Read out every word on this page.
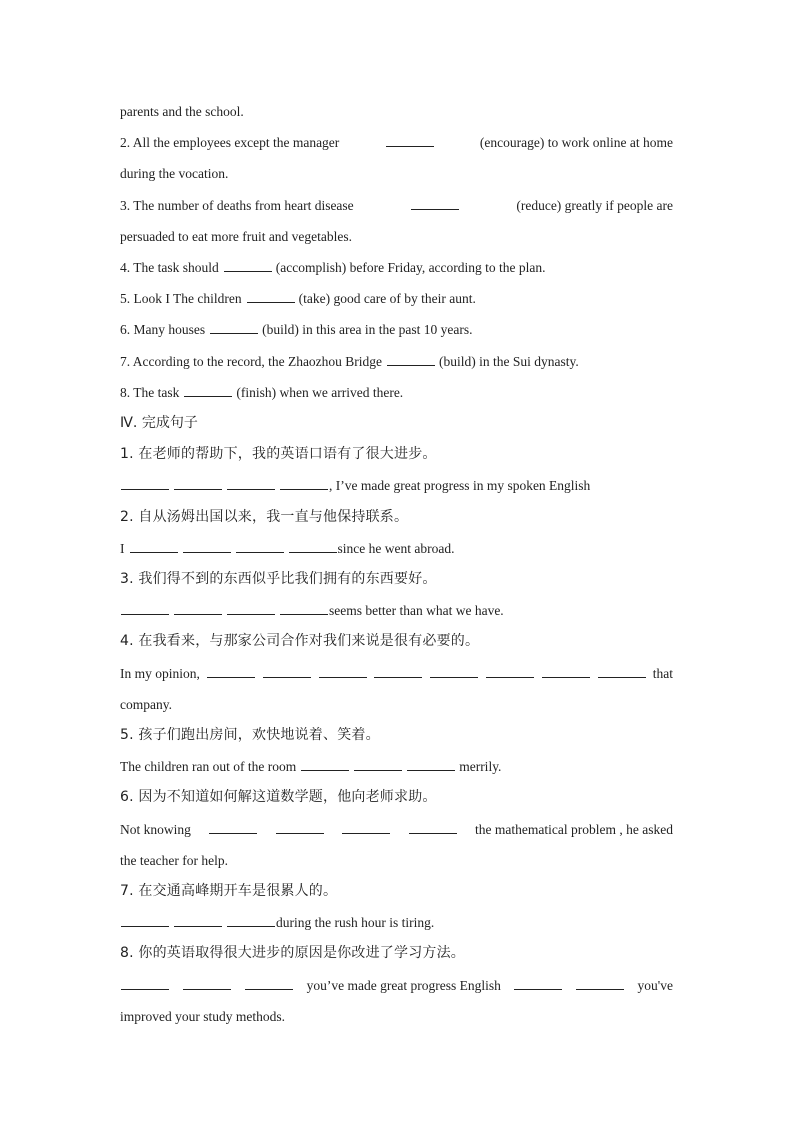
parents and the school.
2. All the employees except the manager	(encourage) to work online at home
during the vocation.
3. The number of deaths from heart disease	(reduce) greatly if people are
persuaded to eat more fruit and vegetables.
4. The task should	(accomplish) before Friday, according to the plan.
5. Look I The children	(take) good care of by their aunt.
6. Many houses	(build) in this area in the past 10 years.
7. According to the record, the Zhaozhou Bridge	(build) in the Sui dynasty.
8. The task	(finish) when we arrived there.
Ⅳ. 完成句子
1. 在老师的帮助下，我的英语口语有了很大进步。
, I’ve made great progress in my spoken English
2. 自从汤姆出国以来，我一直与他保持联系。
I	since he went abroad.
3. 我们得不到的东西似乎比我们拥有的东西要好。
seems better than what we have.
4. 在我看来，与那家公司合作对我们来说是很有必要的。
In my opinion,	that
company.
5. 孩子们跑出房间，欢快地说着、笑着。
The children ran out of the room	merrily.
6. 因为不知道如何解这道数学题，他向老师求助。
Not knowing	the mathematical problem , he asked
the teacher for help.
7. 在交通高峰期开车是很累人的。
during the rush hour is tiring.
8. 你的英语取得很大进步的原因是你改进了学习方法。
you’ve made great progress English	you've
improved your study methods.
